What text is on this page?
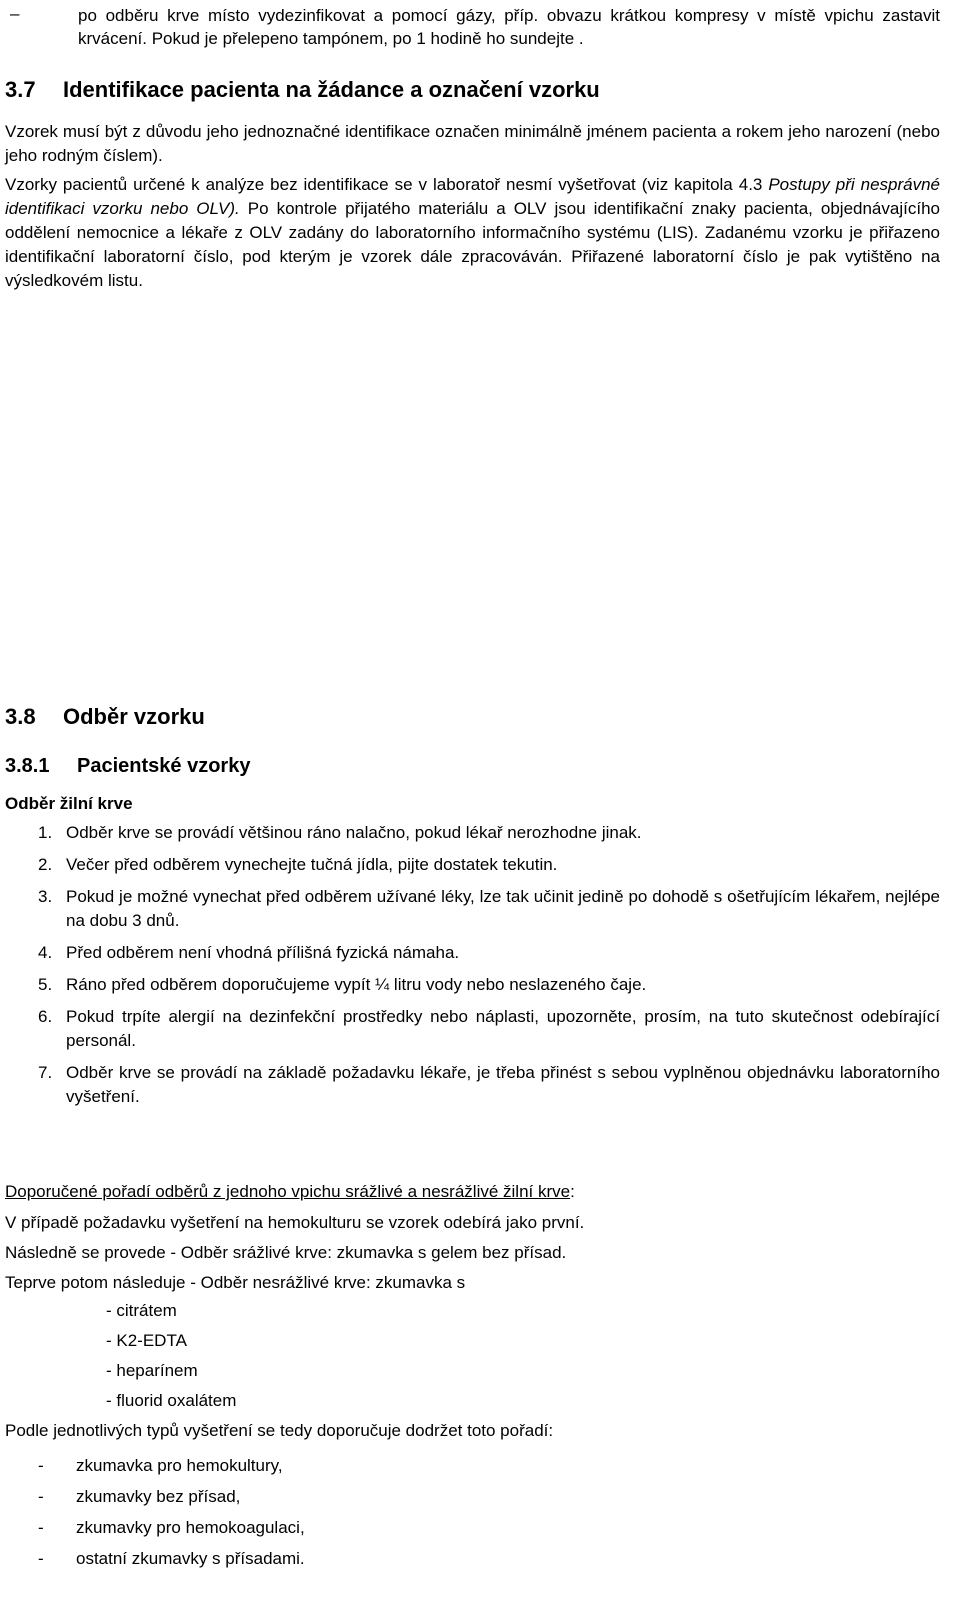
–	po odběru krve místo vydezinfikovat a pomocí gázy, příp. obvazu krátkou kompresy v místě vpichu zastavit krvácení. Pokud je přelepeno tampónem, po 1 hodině ho sundejte .
3.7 Identifikace pacienta na žádance a označení vzorku

Vzorek musí být z důvodu jeho jednoznačné identifikace označen minimálně jménem pacienta a rokem jeho narození (nebo jeho rodným číslem).

Vzorky pacientů určené k analýze bez identifikace se v laboratoř nesmí vyšetřovat (viz kapitola 4.3 Postupy při nesprávné identifikaci vzorku nebo OLV). Po kontrole přijatého materiálu a OLV jsou identifikační znaky pacienta, objednávajícího oddělení nemocnice a lékaře z OLV zadány do laboratorního informačního systému (LIS). Zadanému vzorku je přiřazeno identifikační laboratorní číslo, pod kterým je vzorek dále zpracováván. Přiřazené laboratorní číslo je pak vytištěno na výsledkovém listu.

3.8 Odběr vzorku
3.8.1 Pacientské vzorky
Odběr žilní krve
1. Odběr krve se provádí většinou ráno nalačno, pokud lékař nerozhodne jinak.
2. Večer před odběrem vynechejte tučná jídla, pijte dostatek tekutin.
3. Pokud je možné vynechat před odběrem užívané léky, lze tak učinit jedině po dohodě s ošetřujícím lékařem, nejlépe na dobu 3 dnů.
4. Před odběrem není vhodná přílišná fyzická námaha.
5. Ráno před odběrem doporučujeme vypít ¼ litru vody nebo neslazeného čaje.
6. Pokud trpíte alergií na dezinfekční prostředky nebo náplasti, upozorněte, prosím, na tuto skutečnost odebírající personál.
7. Odběr krve se provádí na základě požadavku lékaře, je třeba přinést s sebou vyplněnou objednávku laboratorního vyšetření.

Doporučené pořadí odběrů z jednoho vpichu srážlivé a nesrážlivé žilní krve:

V případě požadavku vyšetření na hemokulturu se vzorek odebírá jako první.

Následně se provede - Odběr srážlivé krve: zkumavka s gelem bez přísad.

Teprve potom následuje - Odběr nesrážlivé krve: zkumavka s

- citrátem

- K2-EDTA

- heparínem

- fluorid oxalátem

Podle jednotlivých typů vyšetření se tedy doporučuje dodržet toto pořadí:

- zkumavka pro hemokultury,
- zkumavky bez přísad,
- zkumavky pro hemokoagulaci,
- ostatní zkumavky s přísadami.
